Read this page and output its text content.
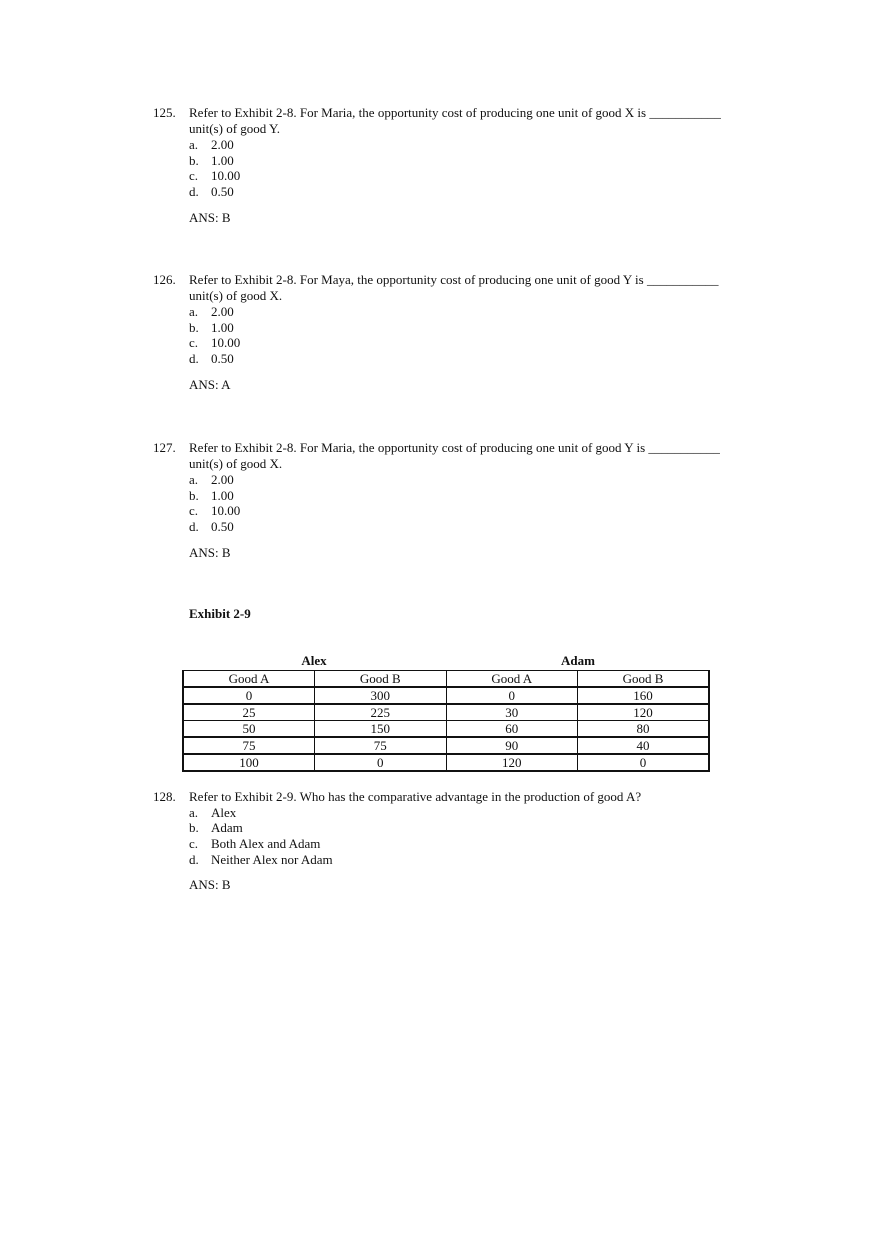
125. Refer to Exhibit 2-8. For Maria, the opportunity cost of producing one unit of good X is ___________
unit(s) of good Y.
a. 2.00
b. 1.00
c. 10.00
d. 0.50
ANS: B
126. Refer to Exhibit 2-8. For Maya, the opportunity cost of producing one unit of good Y is ___________
unit(s) of good X.
a. 2.00
b. 1.00
c. 10.00
d. 0.50
ANS: A
127. Refer to Exhibit 2-8. For Maria, the opportunity cost of producing one unit of good Y is ___________
unit(s) of good X.
a. 2.00
b. 1.00
c. 10.00
d. 0.50
ANS: B
Exhibit 2-9
Alex	Adam
Good A	Good B	Good A	Good B
0	300	0	160
25	225	30	120
50	150	60	80
75	75	90	40
100	0	120	0
128. Refer to Exhibit 2-9. Who has the comparative advantage in the production of good A?
a. Alex
b. Adam
c. Both Alex and Adam
d. Neither Alex nor Adam
ANS: B
